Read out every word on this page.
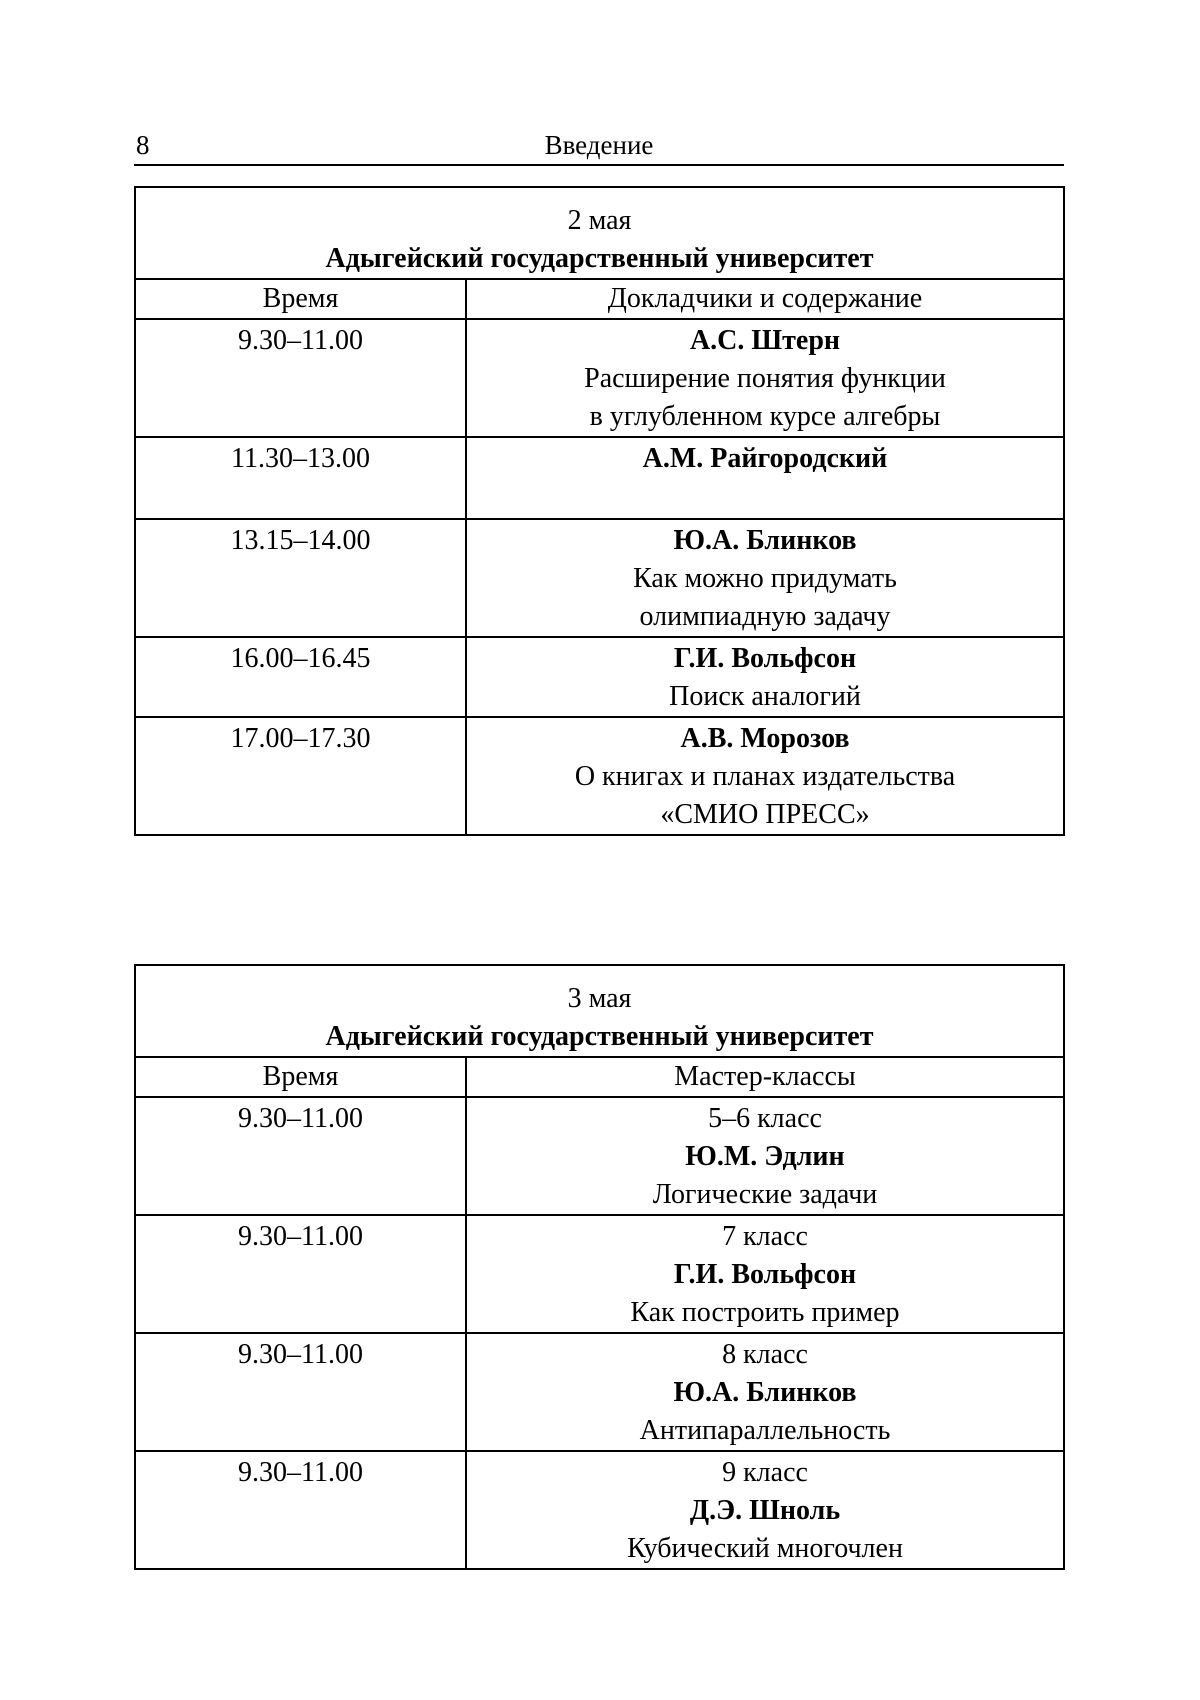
8	Введение
2 мая
Адыгейский государственный университет

Время	Докладчики и содержание
9.30–11.00	А.С. Штерн
Расширение понятия функции
в углубленном курсе алгебры

11.30–13.00	А.М. Райгородский

13.15–14.00	Ю.А. Блинков
Как можно придумать
олимпиадную задачу

16.00–16.45	Г.И. Вольфсон
Поиск аналогий

17.00–17.30	А.В. Морозов
О книгах и планах издательства
«СМИО ПРЕСС»
3 мая
Адыгейский государственный университет

Время	Мастер-классы
9.30–11.00	5–6 класс
Ю.М. Эдлин
Логические задачи

9.30–11.00	7 класс
Г.И. Вольфсон
Как построить пример

9.30–11.00	8 класс
Ю.А. Блинков
Антипараллельность

9.30–11.00	9 класс
Д.Э. Шноль
Кубический многочлен
